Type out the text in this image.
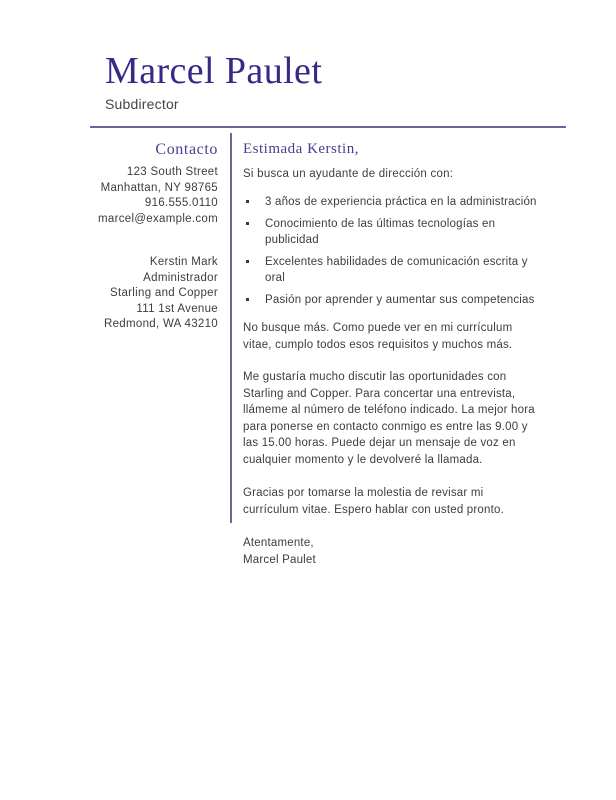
Marcel Paulet
Subdirector
Contacto
123 South Street
Manhattan, NY 98765
916.555.0110
marcel@example.com
Kerstin Mark
Administrador
Starling and Copper
111 1st Avenue
Redmond, WA 43210
Estimada Kerstin,
Si busca un ayudante de dirección con:
3 años de experiencia práctica en la administración
Conocimiento de las últimas tecnologías en publicidad
Excelentes habilidades de comunicación escrita y oral
Pasión por aprender y aumentar sus competencias

No busque más. Como puede ver en mi currículum vitae, cumplo todos esos requisitos y muchos más.

Me gustaría mucho discutir las oportunidades con Starling and Copper. Para concertar una entrevista, llámeme al número de teléfono indicado. La mejor hora para ponerse en contacto conmigo es entre las 9.00 y las 15.00 horas. Puede dejar un mensaje de voz en cualquier momento y le devolveré la llamada.

Gracias por tomarse la molestia de revisar mi currículum vitae. Espero hablar con usted pronto.

Atentamente,
Marcel Paulet
